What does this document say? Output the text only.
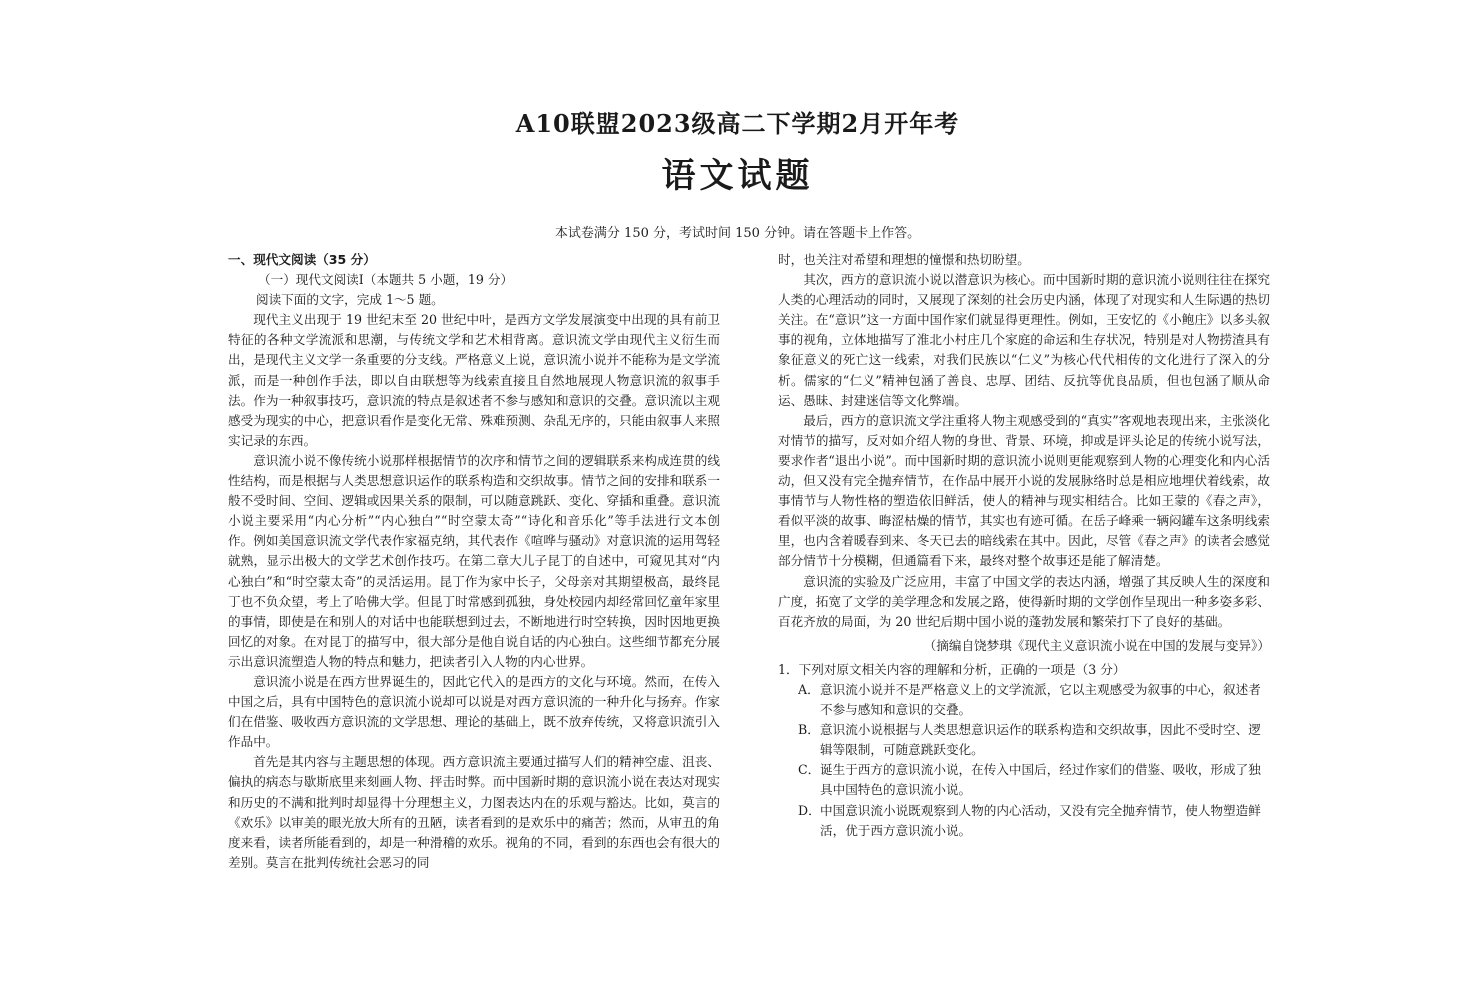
A10联盟2023级高二下学期2月开年考
语文试题
本试卷满分 150 分，考试时间 150 分钟。请在答题卡上作答。
一、现代文阅读（35 分）
（一）现代文阅读Ⅰ（本题共 5 小题，19 分）
阅读下面的文字，完成 1～5 题。

现代主义出现于 19 世纪末至 20 世纪中叶，是西方文学发展演变中出现的具有前卫特征的各种文学流派和思潮，与传统文学和艺术相背离。意识流文学由现代主义衍生而出，是现代主义文学一条重要的分支线。严格意义上说，意识流小说并不能称为是文学流派，而是一种创作手法，即以自由联想等为线索直接且自然地展现人物意识流的叙事手法。作为一种叙事技巧，意识流的特点是叙述者不参与感知和意识的交叠。意识流以主观感受为现实的中心，把意识看作是变化无常、殊难预测、杂乱无序的，只能由叙事人来照实记录的东西。

意识流小说不像传统小说那样根据情节的次序和情节之间的逻辑联系来构成连贯的线性结构，而是根据与人类思想意识运作的联系构造和交织故事。情节之间的安排和联系一般不受时间、空间、逻辑或因果关系的限制，可以随意跳跃、变化、穿插和重叠。意识流小说主要采用“内心分析”“内心独白”“时空蒙太奇”“诗化和音乐化”等手法进行文本创作。例如美国意识流文学代表作家福克纳，其代表作《喧哗与骚动》对意识流的运用驾轻就熟，显示出极大的文学艺术创作技巧。在第二章大儿子昆丁的自述中，可窥见其对“内心独白”和“时空蒙太奇”的灵活运用。昆丁作为家中长子，父母亲对其期望极高，最终昆丁也不负众望，考上了哈佛大学。但昆丁时常感到孤独，身处校园内却经常回忆童年家里的事情，即使是在和别人的对话中也能联想到过去，不断地进行时空转换，因时因地更换回忆的对象。在对昆丁的描写中，很大部分是他自说自话的内心独白。这些细节都充分展示出意识流塑造人物的特点和魅力，把读者引入人物的内心世界。

意识流小说是在西方世界诞生的，因此它代入的是西方的文化与环境。然而，在传入中国之后，具有中国特色的意识流小说却可以说是对西方意识流的一种升化与扬弃。作家们在借鉴、吸收西方意识流的文学思想、理论的基础上，既不放弃传统，又将意识流引入作品中。

首先是其内容与主题思想的体现。西方意识流主要通过描写人们的精神空虚、沮丧、偏执的病态与歇斯底里来刻画人物、抨击时弊。而中国新时期的意识流小说在表达对现实和历史的不满和批判时却显得十分理想主义，力图表达内在的乐观与豁达。比如，莫言的《欢乐》以审美的眼光放大所有的丑陋，读者看到的是欢乐中的痛苦；然而，从审丑的角度来看，读者所能看到的，却是一种滑稽的欢乐。视角的不同，看到的东西也会有很大的差别。莫言在批判传统社会恶习的同

时，也关注对希望和理想的憧憬和热切盼望。

其次，西方的意识流小说以潜意识为核心。而中国新时期的意识流小说则往往在探究人类的心理活动的同时，又展现了深刻的社会历史内涵，体现了对现实和人生际遇的热切关注。在“意识”这一方面中国作家们就显得更理性。例如，王安忆的《小鲍庄》以多头叙事的视角，立体地描写了淮北小村庄几个家庭的命运和生存状况，特别是对人物捞渣具有象征意义的死亡这一线索，对我们民族以“仁义”为核心代代相传的文化进行了深入的分析。儒家的“仁义”精神包涵了善良、忠厚、团结、反抗等优良品质，但也包涵了顺从命运、愚昧、封建迷信等文化弊端。

最后，西方的意识流文学注重将人物主观感受到的“真实”客观地表现出来，主张淡化对情节的描写，反对如介绍人物的身世、背景、环境，抑或是评头论足的传统小说写法，要求作者“退出小说”。而中国新时期的意识流小说则更能观察到人物的心理变化和内心活动，但又没有完全抛弃情节，在作品中展开小说的发展脉络时总是相应地埋伏着线索，故事情节与人物性格的塑造依旧鲜活，使人的精神与现实相结合。比如王蒙的《春之声》，看似平淡的故事、晦涩枯燥的情节，其实也有迹可循。在岳子峰乘一辆闷罐车这条明线索里，也内含着暖春到来、冬天已去的暗线索在其中。因此，尽管《春之声》的读者会感觉部分情节十分模糊，但通篇看下来，最终对整个故事还是能了解清楚。

意识流的实验及广泛应用，丰富了中国文学的表达内涵，增强了其反映人生的深度和广度，拓宽了文学的美学理念和发展之路，使得新时期的文学创作呈现出一种多姿多彩、百花齐放的局面，为 20 世纪后期中国小说的蓬勃发展和繁荣打下了良好的基础。

（摘编自饶梦琪《现代主义意识流小说在中国的发展与变异》）
1．下列对原文相关内容的理解和分析，正确的一项是（3 分）
A． 意识流小说并不是严格意义上的文学流派，它以主观感受为叙事的中心，叙述者不参与感知和意识的交叠。
B． 意识流小说根据与人类思想意识运作的联系构造和交织故事，因此不受时空、逻辑等限制，可随意跳跃变化。
C． 诞生于西方的意识流小说，在传入中国后，经过作家们的借鉴、吸收，形成了独具中国特色的意识流小说。
D． 中国意识流小说既观察到人物的内心活动，又没有完全抛弃情节，使人物塑造鲜活，优于西方意识流小说。
